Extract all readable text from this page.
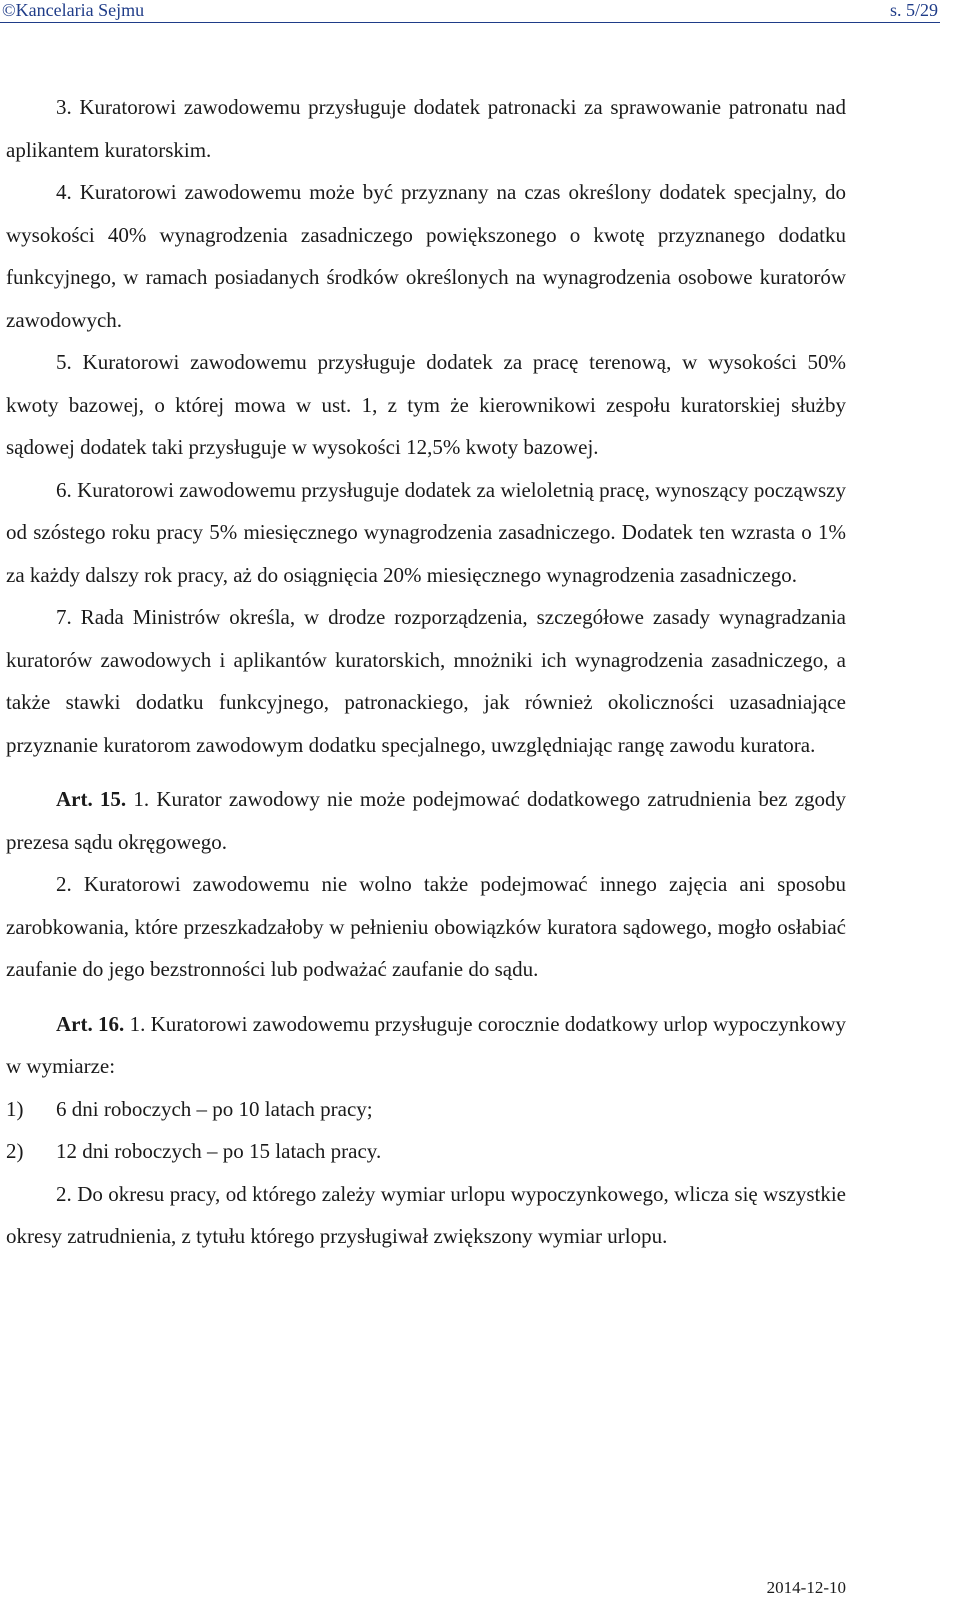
©Kancelaria Sejmu	s. 5/29

3. Kuratorowi zawodowemu przysługuje dodatek patronacki za sprawowanie patronatu nad aplikantem kuratorskim.

4. Kuratorowi zawodowemu może być przyznany na czas określony dodatek specjalny, do wysokości 40% wynagrodzenia zasadniczego powiększonego o kwotę przyznanego dodatku funkcyjnego, w ramach posiadanych środków określonych na wynagrodzenia osobowe kuratorów zawodowych.

5. Kuratorowi zawodowemu przysługuje dodatek za pracę terenową, w wysokości 50% kwoty bazowej, o której mowa w ust. 1, z tym że kierownikowi zespołu kuratorskiej służby sądowej dodatek taki przysługuje w wysokości 12,5% kwoty bazowej.

6. Kuratorowi zawodowemu przysługuje dodatek za wieloletnią pracę, wynoszący począwszy od szóstego roku pracy 5% miesięcznego wynagrodzenia zasadniczego. Dodatek ten wzrasta o 1% za każdy dalszy rok pracy, aż do osiągnięcia 20% miesięcznego wynagrodzenia zasadniczego.

7. Rada Ministrów określa, w drodze rozporządzenia, szczegółowe zasady wynagradzania kuratorów zawodowych i aplikantów kuratorskich, mnożniki ich wynagrodzenia zasadniczego, a także stawki dodatku funkcyjnego, patronackiego, jak również okoliczności uzasadniające przyznanie kuratorom zawodowym dodatku specjalnego, uwzględniając rangę zawodu kuratora.

Art. 15. 1. Kurator zawodowy nie może podejmować dodatkowego zatrudnienia bez zgody prezesa sądu okręgowego.

2. Kuratorowi zawodowemu nie wolno także podejmować innego zajęcia ani sposobu zarobkowania, które przeszkadzałoby w pełnieniu obowiązków kuratora sądowego, mogło osłabiać zaufanie do jego bezstronności lub podważać zaufanie do sądu.

Art. 16. 1. Kuratorowi zawodowemu przysługuje corocznie dodatkowy urlop wypoczynkowy w wymiarze:

1)	6 dni roboczych – po 10 latach pracy;
2)	12 dni roboczych – po 15 latach pracy.

2. Do okresu pracy, od którego zależy wymiar urlopu wypoczynkowego, wlicza się wszystkie okresy zatrudnienia, z tytułu którego przysługiwał zwiększony wymiar urlopu.

2014-12-10
